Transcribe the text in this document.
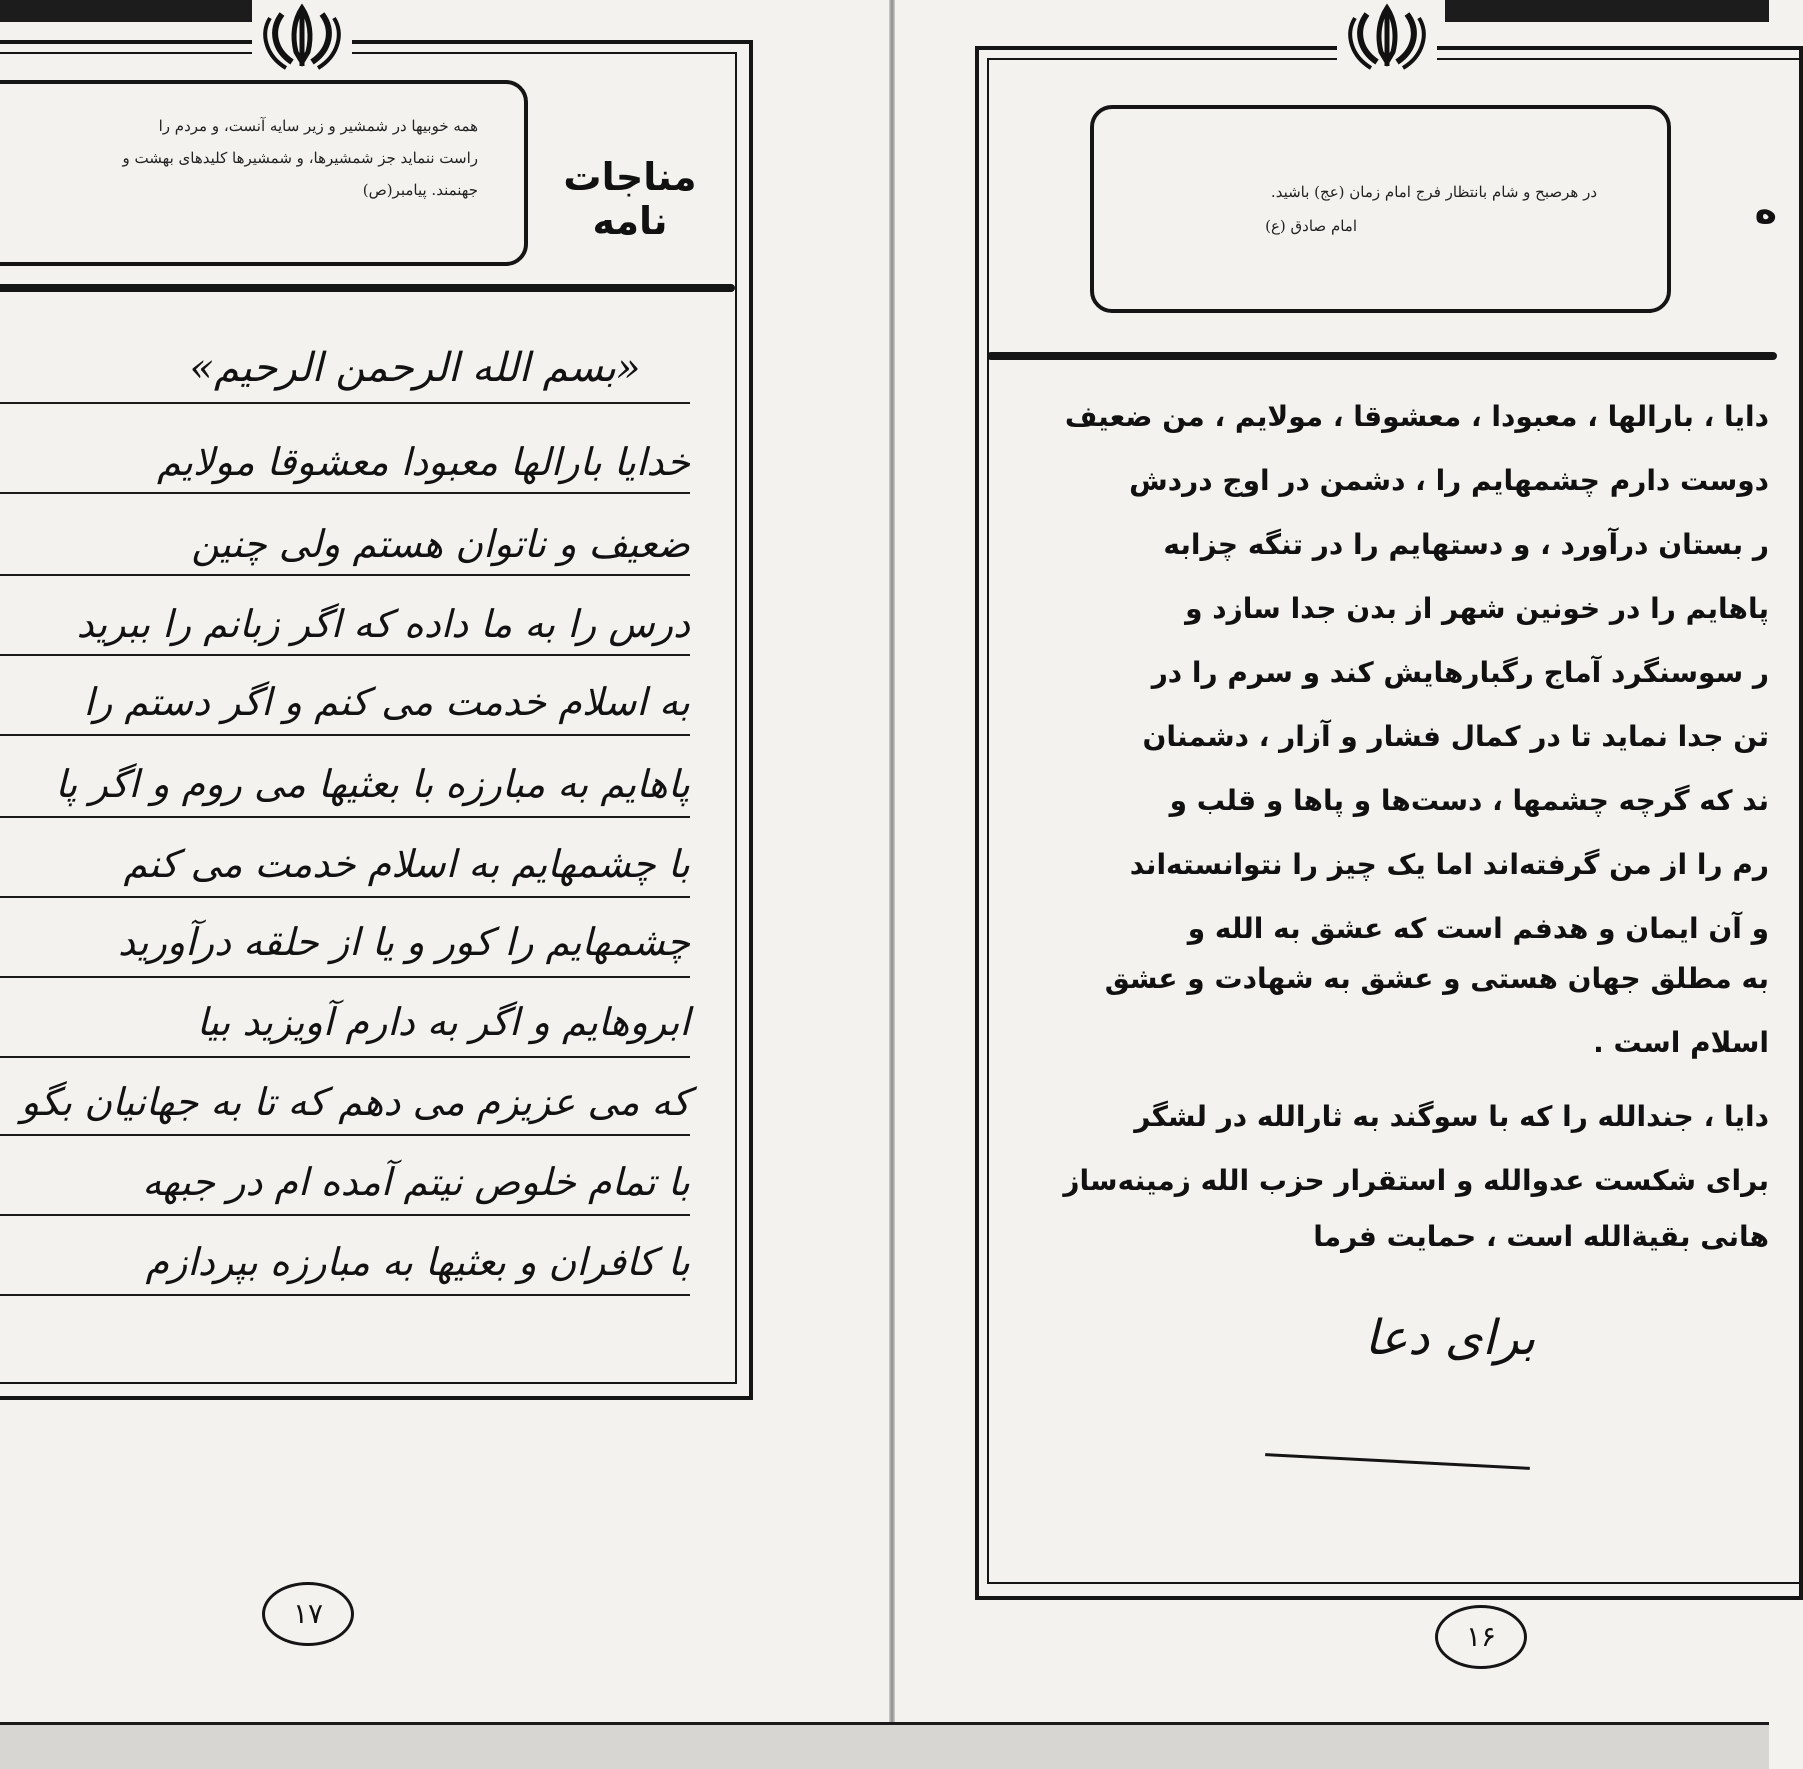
همه خوبیها در شمشیر و زیر سایه آنست، و مردم را
راست ننماید جز شمشیرها، و شمشیرها کلیدهای بهشت و
جهنمند. پیامبر(ص)	مناجات نامه
«بسم الله الرحمن الرحیم»
خدایا بارالها معبودا معشوقا مولایم
ضعیف و ناتوان هستم ولی چنین
درس را به ما داده که اگر زبانم را ببرید
به اسلام خدمت می کنم و اگر دستم را
پاهایم به مبارزه با بعثیها می روم و اگر پا
با چشمهایم به اسلام خدمت می کنم
چشمهایم را کور و یا از حلقه درآورید
ابروهایم و اگر به دارم آویزید بیا
که می عزیزم می دهم که تا به جهانیان بگو
با تمام خلوص نیتم آمده ام در جبهه
با کافران و بعثیها به مبارزه بپردازم
۱۷
در هرصبح و شام بانتظار فرج امام زمان (عج) باشید.
امام صادق (ع)	ه
دایا ، بارالها ، معبودا ، معشوقا ، مولایم ، من ضعیف
دوست دارم چشمهایم را ، دشمن در اوج دردش
ر بستان درآورد ، و دستهایم را در تنگه چزابه
پاهایم را در خونین شهر از بدن جدا سازد و
ر سوسنگرد آماج رگبارهایش کند و سرم را در
تن جدا نماید تا در کمال فشار و آزار ، دشمنان
ند که گرچه چشمها ، دست‌ها و پاها و قلب و
رم را از من گرفته‌اند اما یک چیز را نتوانسته‌اند
و آن ایمان و هدفم است که عشق به الله و
به مطلق جهان هستی و عشق به شهادت و عشق
اسلام است .
دایا ، جندالله را که با سوگند به ثارالله در لشگر
برای شکست عدوالله و استقرار حزب الله زمینه‌ساز
هانی بقیةالله است ، حمایت فرما
برای دعا
۱۶
